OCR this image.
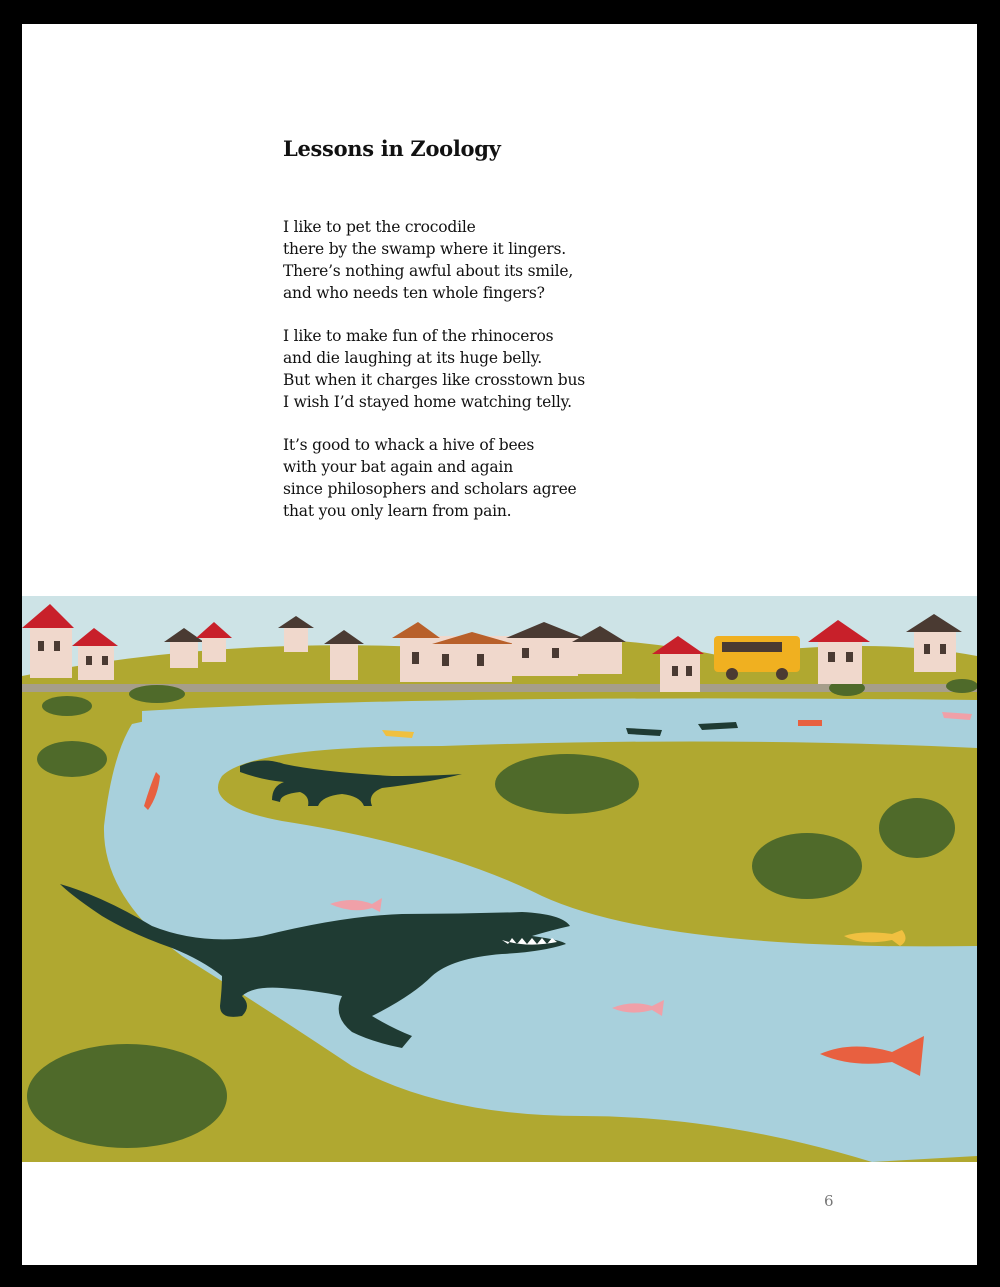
Lessons in Zoology
I like to pet the crocodile
there by the swamp where it lingers.
There’s nothing awful about its smile,
and who needs ten whole fingers?
I like to make fun of the rhinoceros
and die laughing at its huge belly.
But when it charges like crosstown bus
I wish I’d stayed home watching telly.
It’s good to whack a hive of bees
with your bat again and again
since philosophers and scholars agree
that you only learn from pain.
6
